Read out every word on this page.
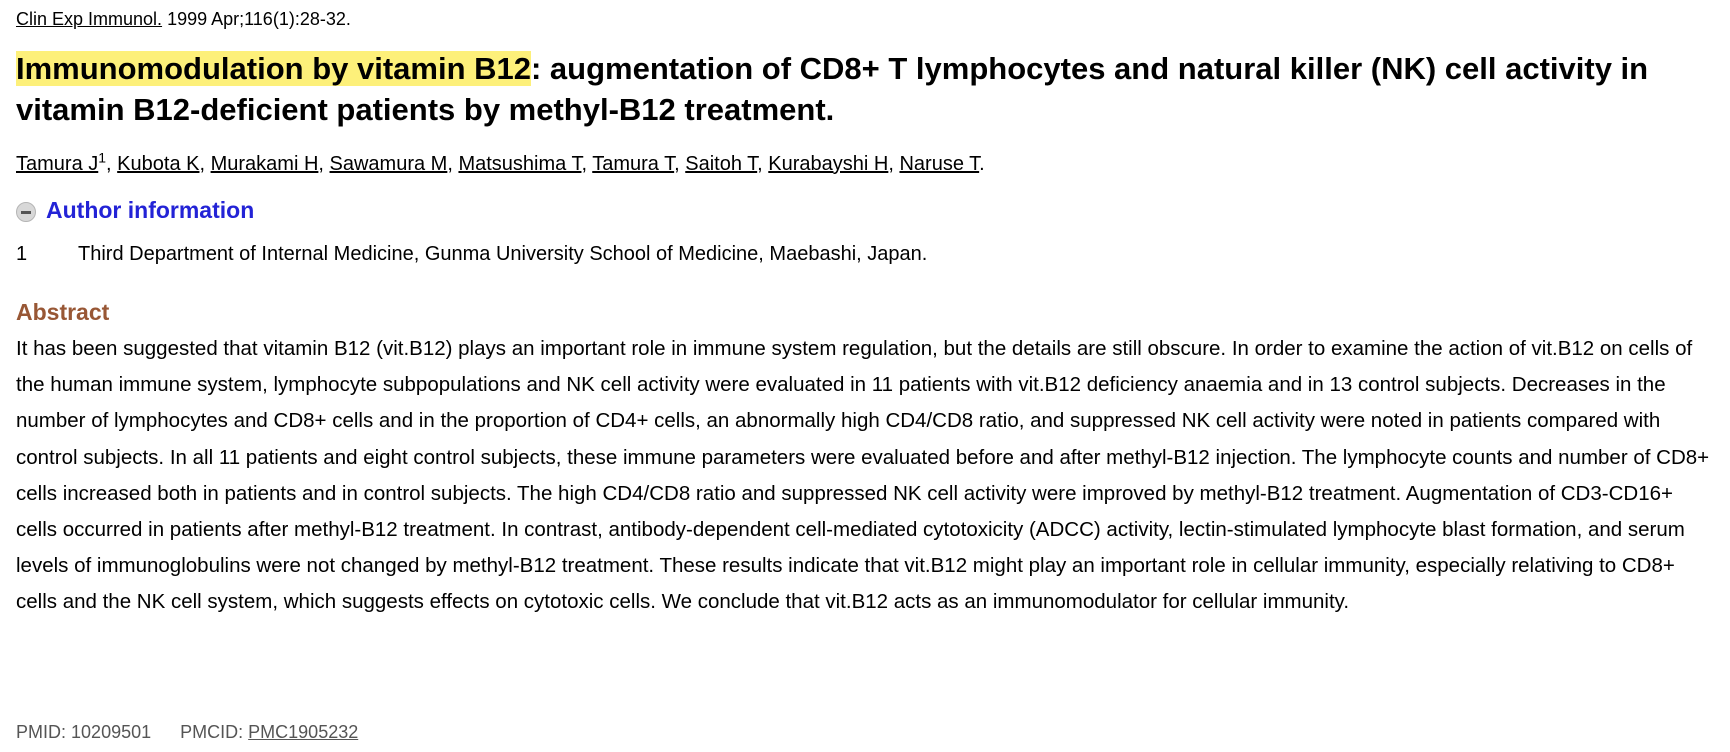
Clin Exp Immunol. 1999 Apr;116(1):28-32.
Immunomodulation by vitamin B12: augmentation of CD8+ T lymphocytes and natural killer (NK) cell activity in vitamin B12-deficient patients by methyl-B12 treatment.
Tamura $J^1$, Kubota K, Murakami H, Sawamura M, Matsushima T, Tamura T, Saitoh T, Kurabayshi H, Naruse T.
Author information
1	Third Department of Internal Medicine, Gunma University School of Medicine, Maebashi, Japan.
Abstract

It has been suggested that vitamin B12 (vit.B12) plays an important role in immune system regulation, but the details are still obscure. In order to examine the action of vit.B12 on cells of the human immune system, lymphocyte subpopulations and NK cell activity were evaluated in 11 patients with vit.B12 deficiency anaemia and in 13 control subjects. Decreases in the number of lymphocytes and CD8+ cells and in the proportion of CD4+ cells, an abnormally high CD4/CD8 ratio, and suppressed NK cell activity were noted in patients compared with control subjects. In all 11 patients and eight control subjects, these immune parameters were evaluated before and after methyl-B12 injection. The lymphocyte counts and number of CD8+ cells increased both in patients and in control subjects. The high CD4/CD8 ratio and suppressed NK cell activity were improved by methyl-B12 treatment. Augmentation of CD3-CD16+ cells occurred in patients after methyl-B12 treatment. In contrast, antibody-dependent cell-mediated cytotoxicity (ADCC) activity, lectin-stimulated lymphocyte blast formation, and serum levels of immunoglobulins were not changed by methyl-B12 treatment. These results indicate that vit.B12 might play an important role in cellular immunity, especially relativing to CD8+ cells and the NK cell system, which suggests effects on cytotoxic cells. We conclude that vit.B12 acts as an immunomodulator for cellular immunity.

PMID: 10209501 PMCID: PMC1905232
